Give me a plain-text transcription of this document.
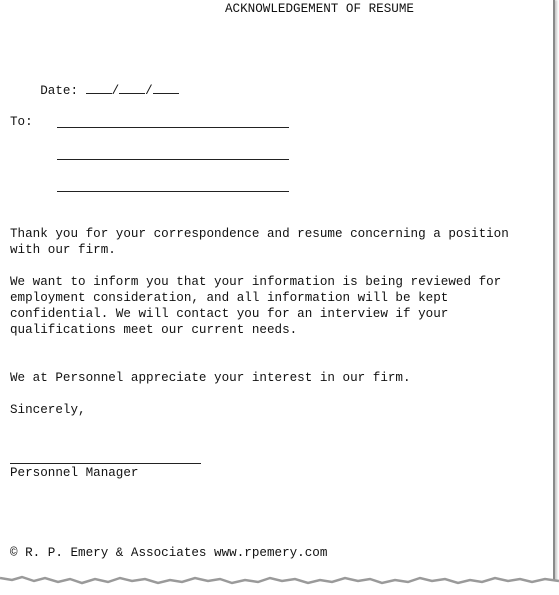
ACKNOWLEDGEMENT OF RESUME

Date:	/ /

To:
Thank you for your correspondence and resume concerning a position
with our firm.
We want to inform you that your information is being reviewed for
employment consideration, and all information will be kept
confidential. We will contact you for an interview if your
qualifications meet our current needs.
We at Personnel appreciate your interest in our firm.
Sincerely,
Personnel Manager
© R. P. Emery & Associates www.rpemery.com
